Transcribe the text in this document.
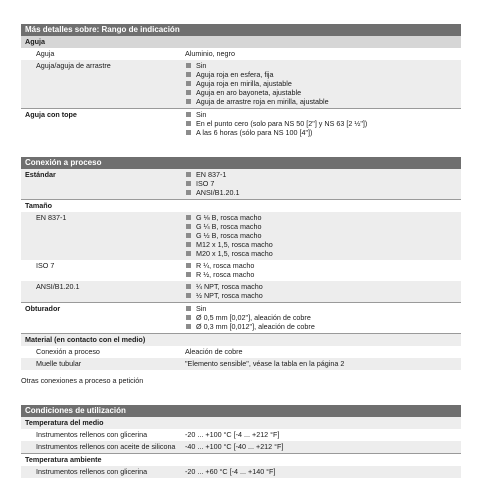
Más detalles sobre: Rango de indicación
Aguja	
Aguja	Aluminio, negro
Aguja/aguja de arrastre	Sin
Aguja roja en esfera, fija
Aguja roja en mirilla, ajustable
Aguja en aro bayoneta, ajustable
Aguja de arrastre roja en mirilla, ajustable

Aguja con tope	Sin
En el punto cero (solo para NS 50 [2"] y NS 63 [2 ½"])
A las 6 horas (sólo para NS 100 [4"])
Conexión a proceso
Estándar	EN 837-1
ISO 7
ANSI/B1.20.1

Tamaño	
EN 837-1	G ⅛ B, rosca macho
G ¼ B, rosca macho
G ½ B, rosca macho
M12 x 1,5, rosca macho
M20 x 1,5, rosca macho

ISO 7	R ¼, rosca macho
R ½, rosca macho

ANSI/B1.20.1	¼ NPT, rosca macho
½ NPT, rosca macho

Obturador	Sin
Ø 0,5 mm [0,02"], aleación de cobre
Ø 0,3 mm [0,012"], aleación de cobre

Material (en contacto con el medio)	
Conexión a proceso	Aleación de cobre
Muelle tubular	"Elemento sensible", véase la tabla en la página 2
Otras conexiones a proceso a petición
Condiciones de utilización
Temperatura del medio	
Instrumentos rellenos con glicerina	-20 ... +100 °C [-4 ... +212 °F]
Instrumentos rellenos con aceite de silicona	-40 ... +100 °C [-40 ... +212 °F]
Temperatura ambiente	
Instrumentos rellenos con glicerina	-20 ... +60 °C [-4 ... +140 °F]
